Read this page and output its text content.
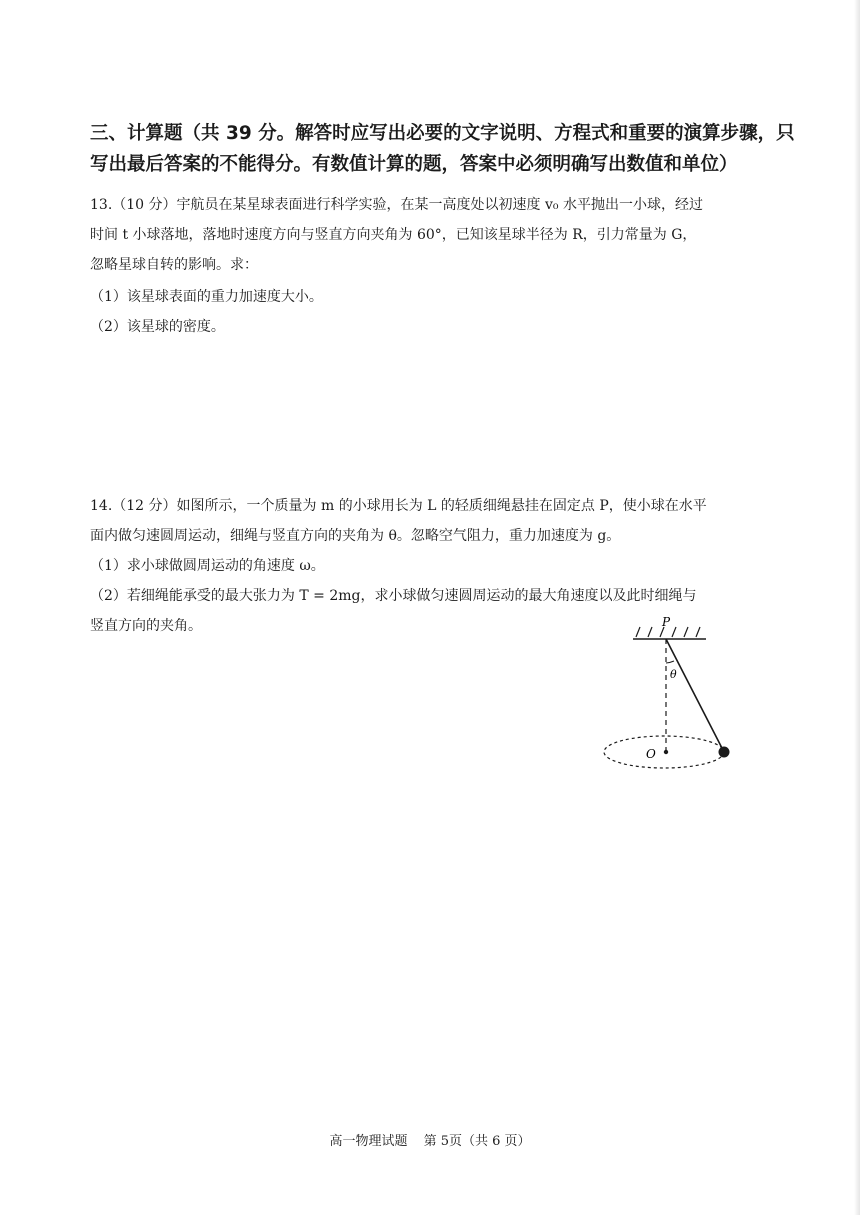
三、计算题（共 39 分。解答时应写出必要的文字说明、方程式和重要的演算步骤，只
写出最后答案的不能得分。有数值计算的题，答案中必须明确写出数值和单位）
13.（10 分）宇航员在某星球表面进行科学实验，在某一高度处以初速度 v₀ 水平抛出一小球，经过
时间 t 小球落地，落地时速度方向与竖直方向夹角为 60°，已知该星球半径为 R，引力常量为 G，
忽略星球自转的影响。求：
（1）该星球表面的重力加速度大小。
（2）该星球的密度。
14.（12 分）如图所示，一个质量为 m 的小球用长为 L 的轻质细绳悬挂在固定点 P，使小球在水平
面内做匀速圆周运动，细绳与竖直方向的夹角为 θ。忽略空气阻力，重力加速度为 g。
（1）求小球做圆周运动的角速度 ω。
（2）若细绳能承受的最大张力为 T = 2mg，求小球做匀速圆周运动的最大角速度以及此时细绳与
竖直方向的夹角。	P
θ
O
高一物理试题 第 5页（共 6 页）
